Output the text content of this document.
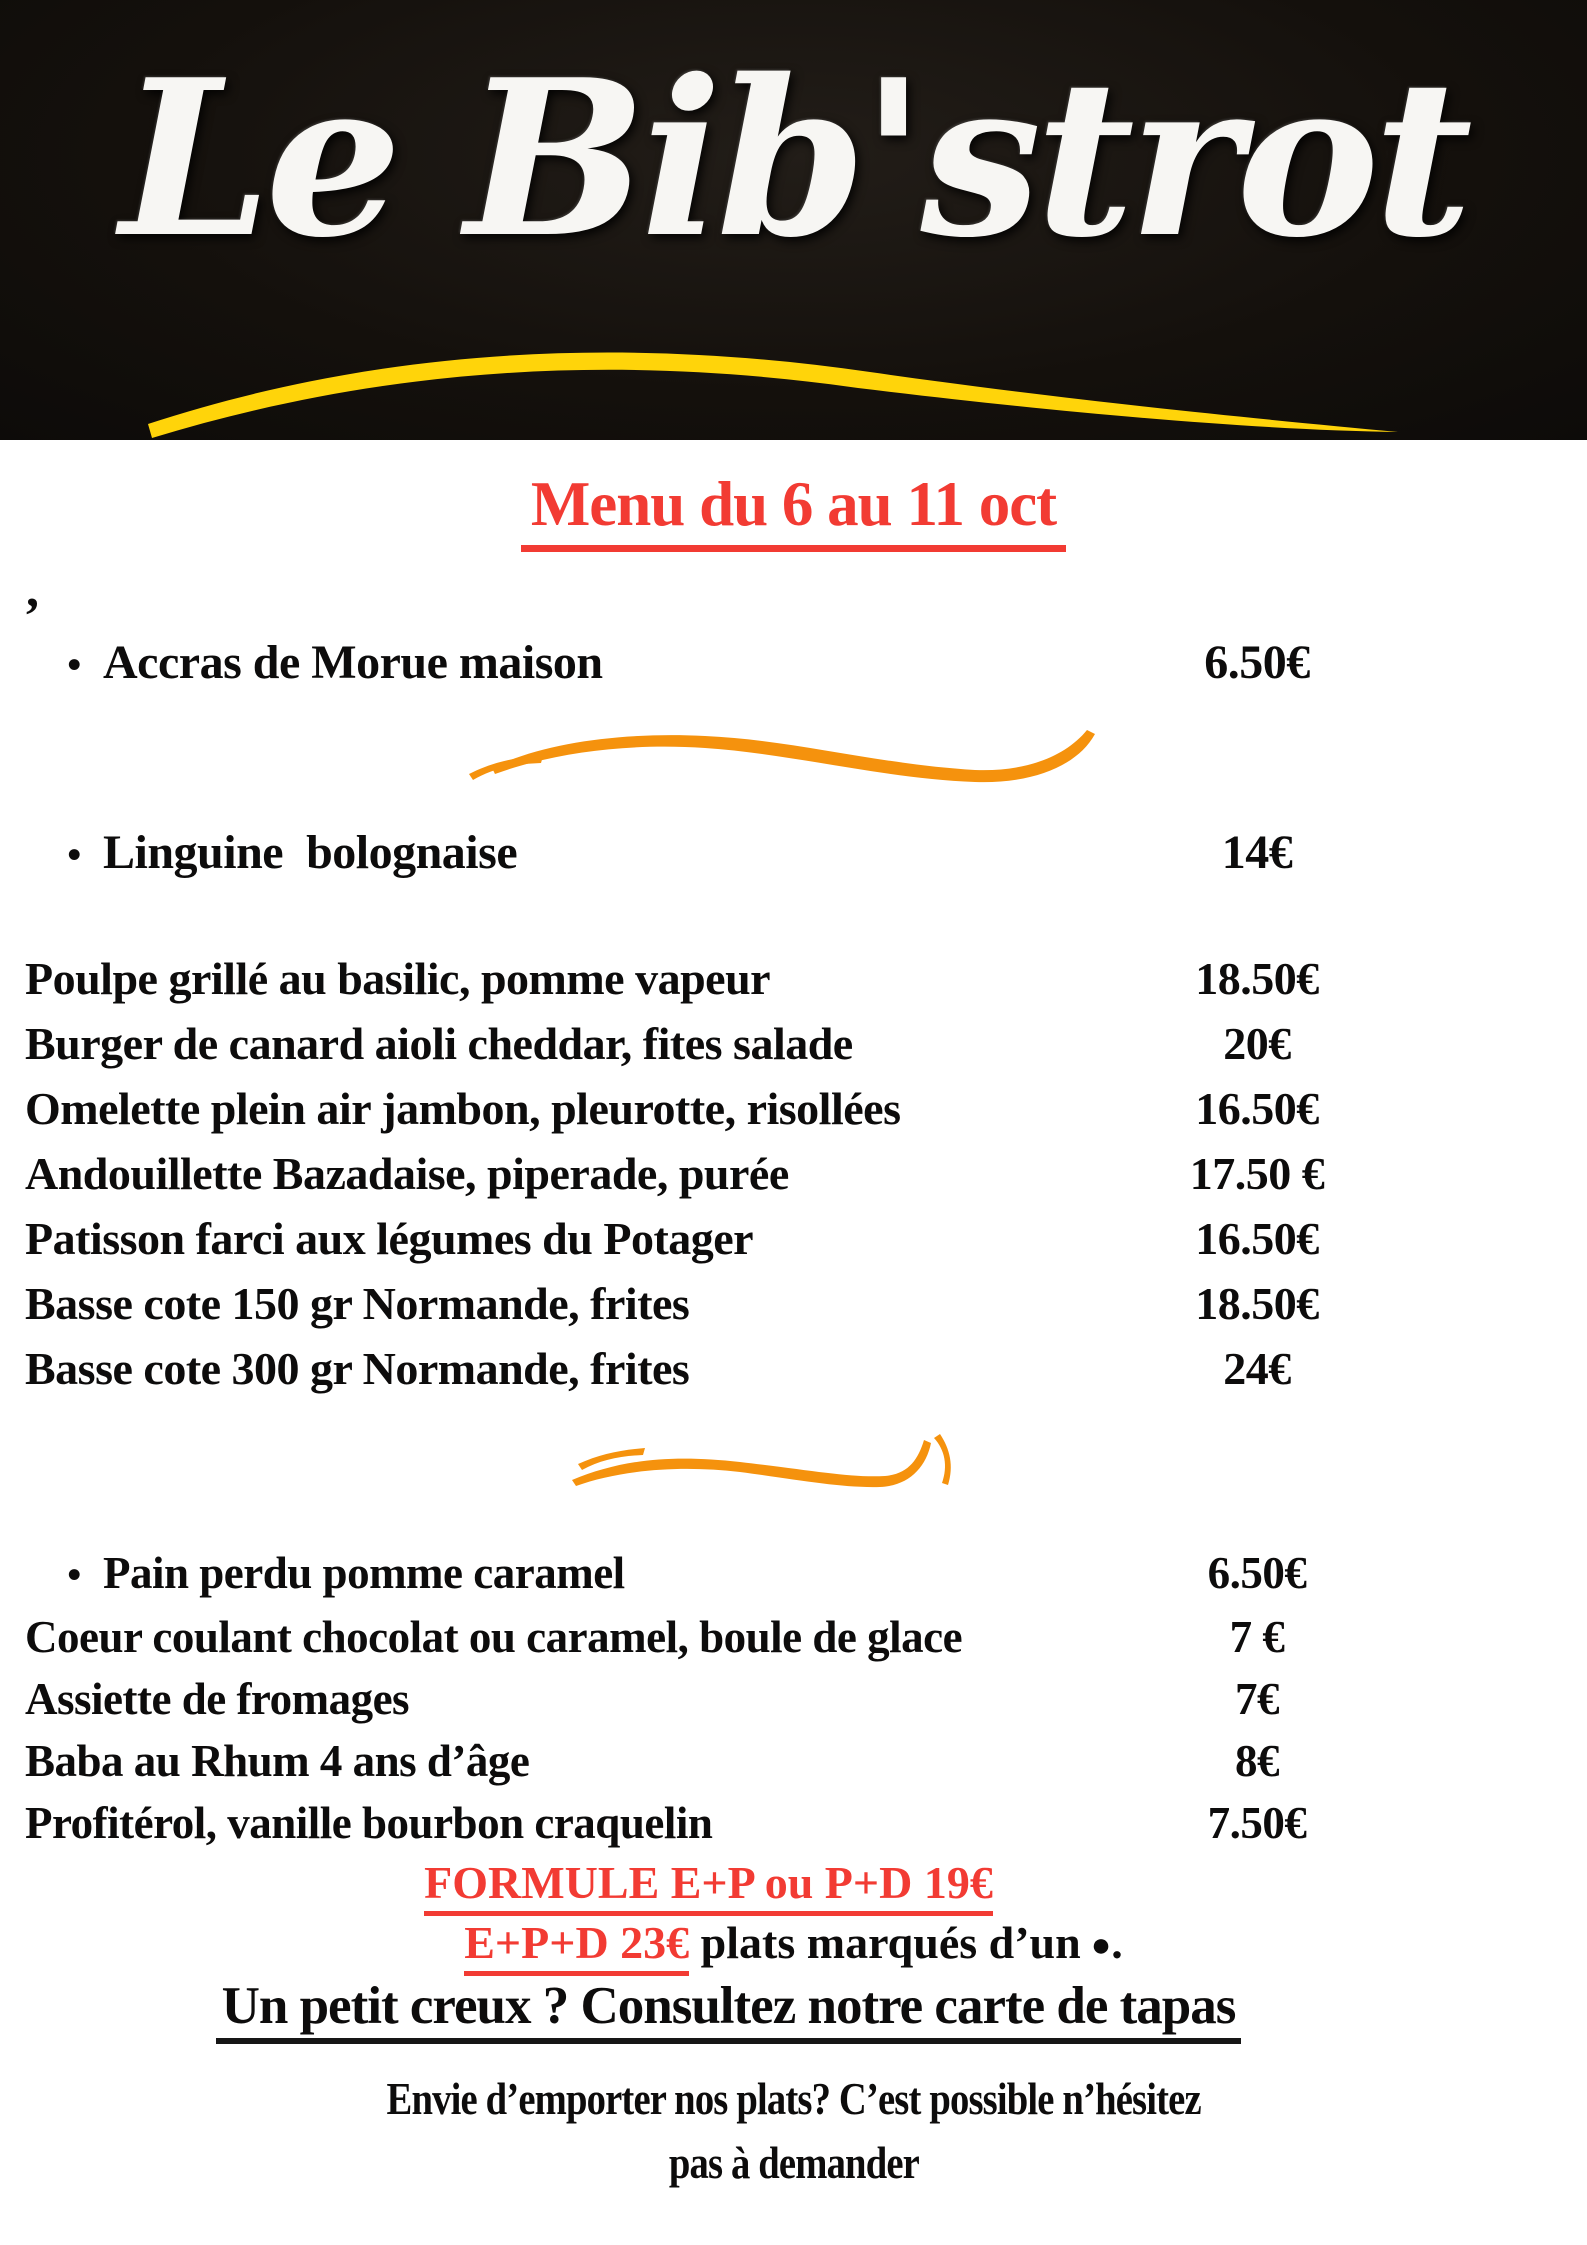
Le Bib'strot
,
Menu du 6 au 11 oct
• Accras de Morue maison	6.50€
• Linguine  bolognaise	14€
Poulpe grillé au basilic, pomme vapeur	18.50€
Burger de canard aioli cheddar, fites salade	20€
Omelette plein air jambon, pleurotte, risollées	16.50€
Andouillette Bazadaise, piperade, purée	17.50 €
Patisson farci aux légumes du Potager	16.50€
Basse cote 150 gr Normande, frites	18.50€
Basse cote 300 gr Normande, frites	24€
• Pain perdu pomme caramel	6.50€
Coeur coulant chocolat ou caramel, boule de glace	7 €
Assiette de fromages	7€
Baba au Rhum 4 ans d’âge	8€
Profitérol, vanille bourbon craquelin	7.50€
FORMULE E+P ou P+D 19€
E+P+D 23€ plats marqués d’un ●.
Un petit creux ? Consultez notre carte de tapas
Envie d’emporter nos plats? C’est possible n’hésitez
pas à demander
